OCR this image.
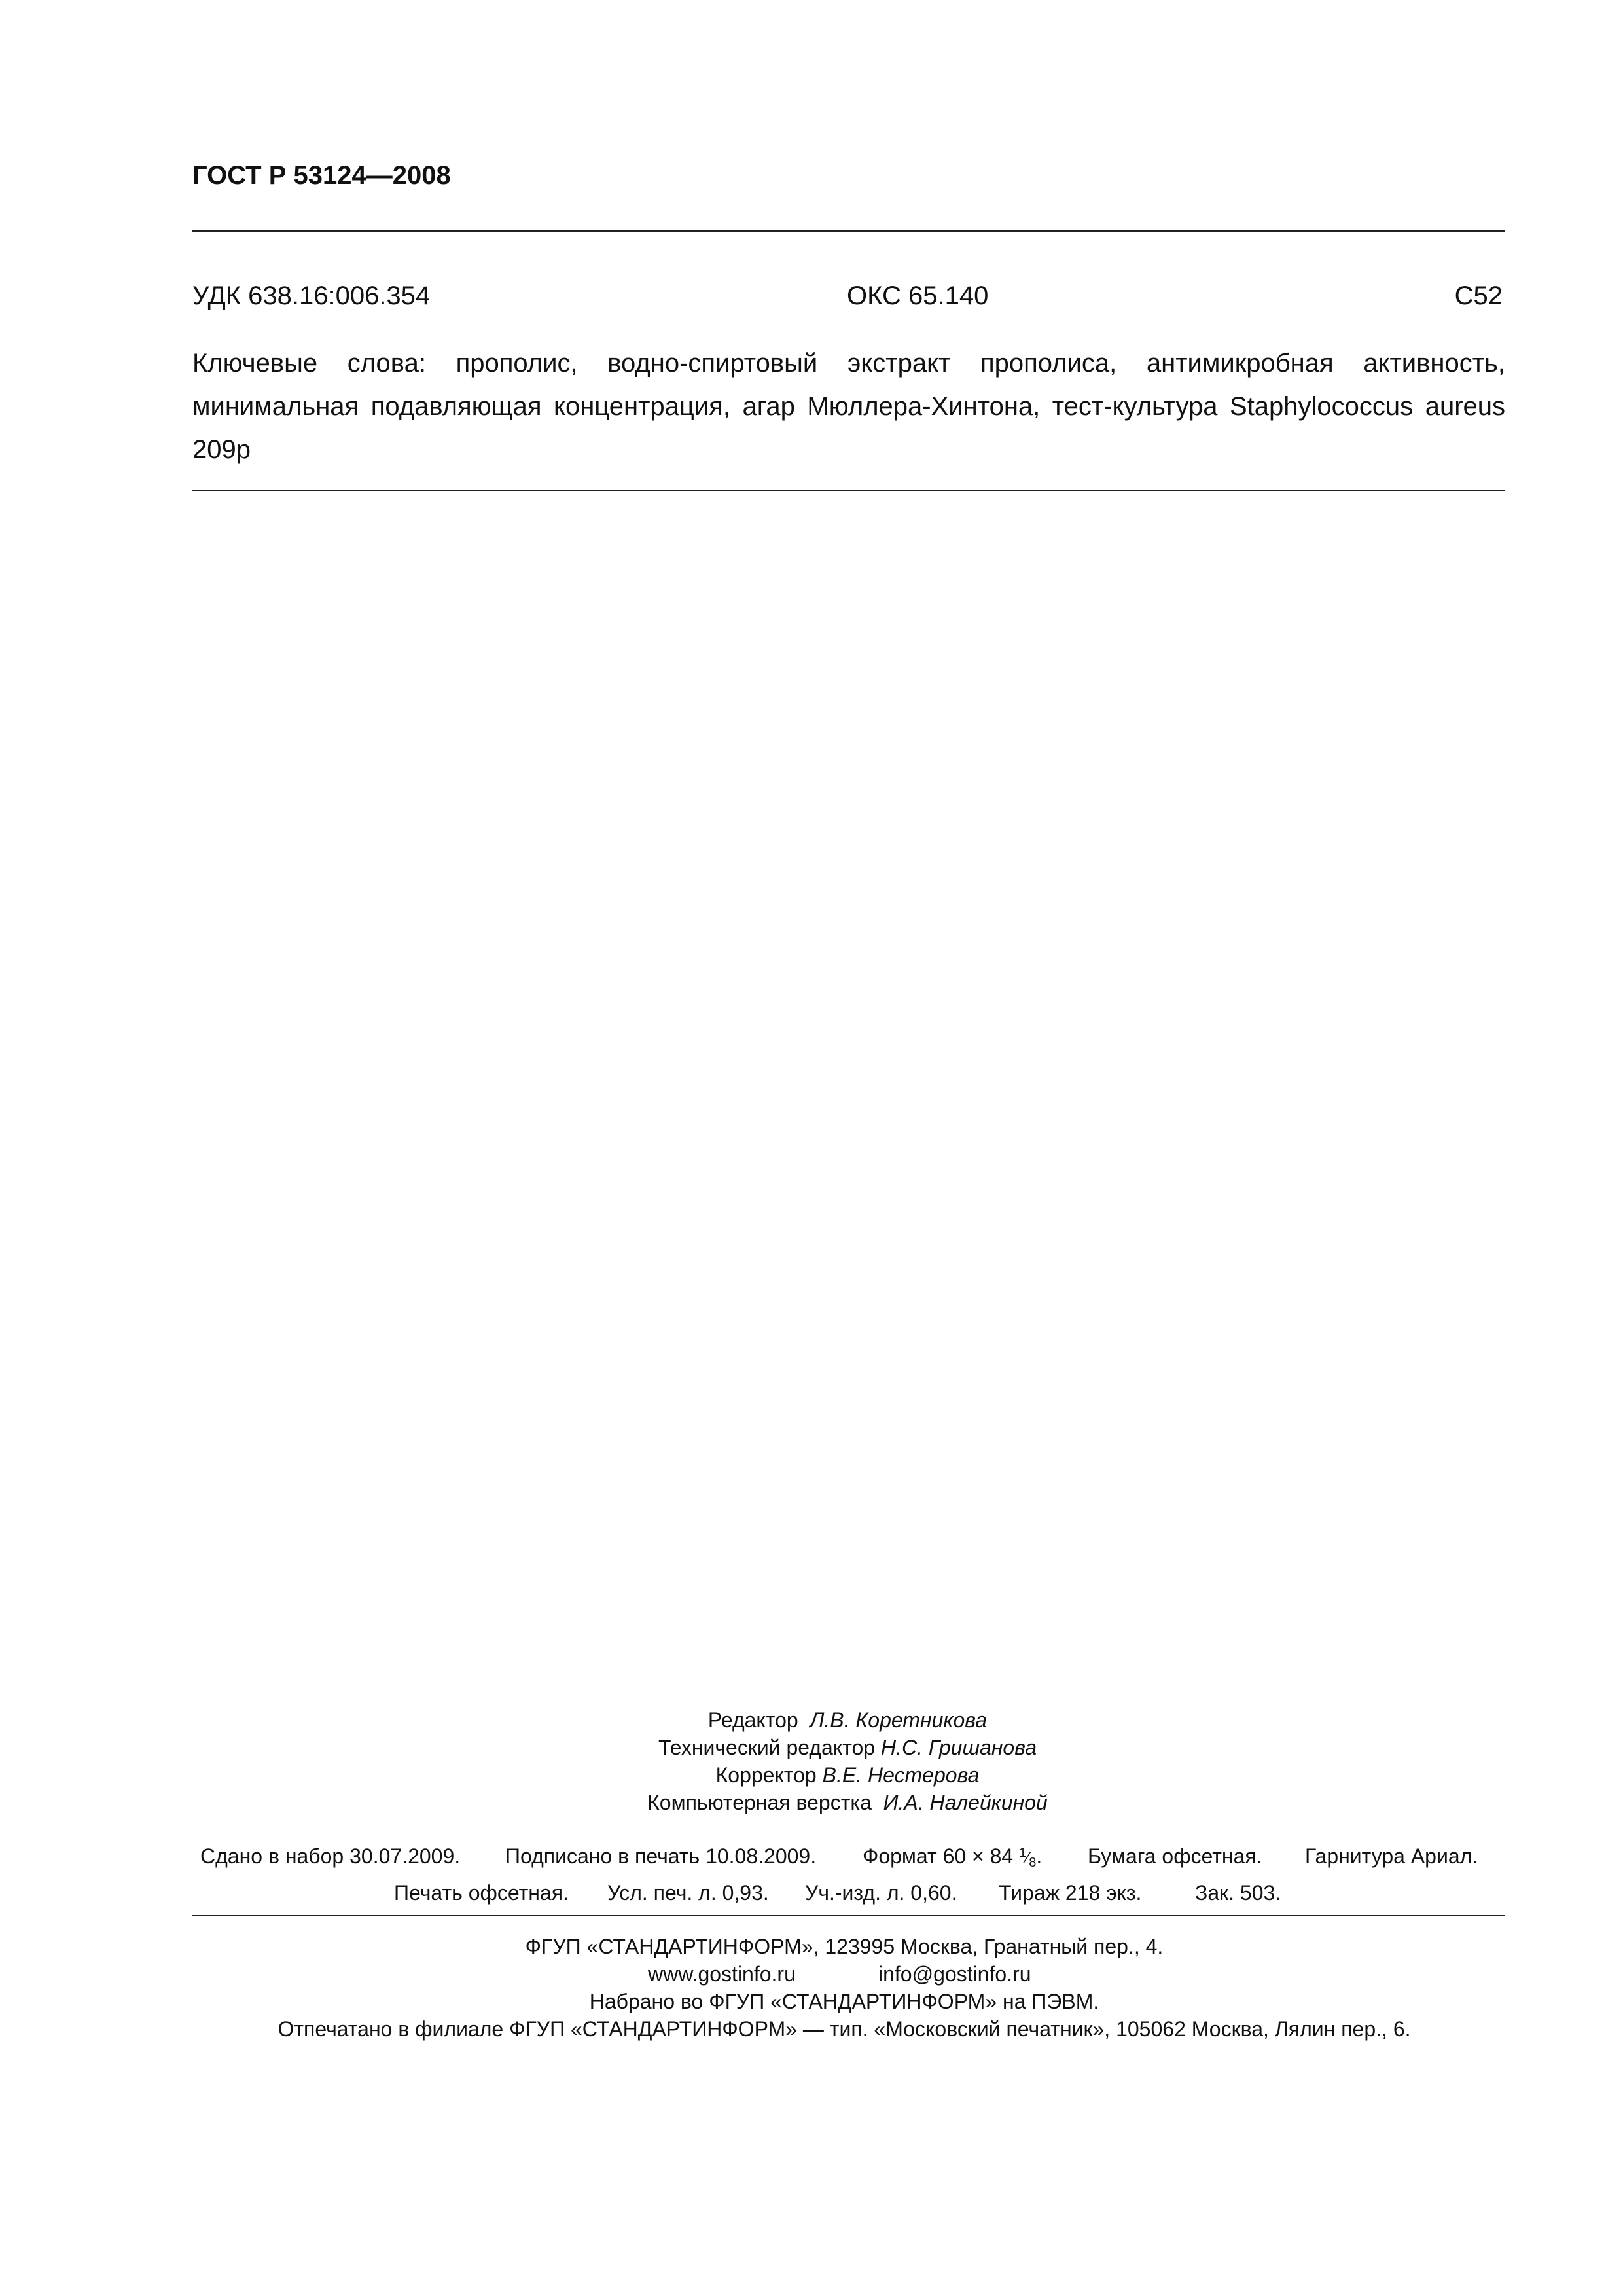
ГОСТ Р 53124—2008
УДК 638.16:006.354	ОКС 65.140	С52
Ключевые слова: прополис, водно-спиртовый экстракт прополиса, антимикробная активность, минимальная подавляющая концентрация, агар Мюллера-Хинтона, тест-культура Staphylococcus aureus 209p
Редактор Л.В. Коретникова
Технический редактор Н.С. Гришанова
Корректор В.Е. Нестерова
Компьютерная верстка И.А. Налейкиной
Сдано в набор 30.07.2009. Подписано в печать 10.08.2009. Формат 60 × 84 $^1⁄_8$. Бумага офсетная. Гарнитура Ариал.
Печать офсетная. Усл. печ. л. 0,93. Уч.-изд. л. 0,60. Тираж 218 экз.	Зак. 503.
ФГУП «СТАНДАРТИНФОРМ», 123995 Москва, Гранатный пер., 4.
www.gostinfo.ru	info@gostinfo.ru
Набрано во ФГУП «СТАНДАРТИНФОРМ» на ПЭВМ.
Отпечатано в филиале ФГУП «СТАНДАРТИНФОРМ» — тип. «Московский печатник», 105062 Москва, Лялин пер., 6.
